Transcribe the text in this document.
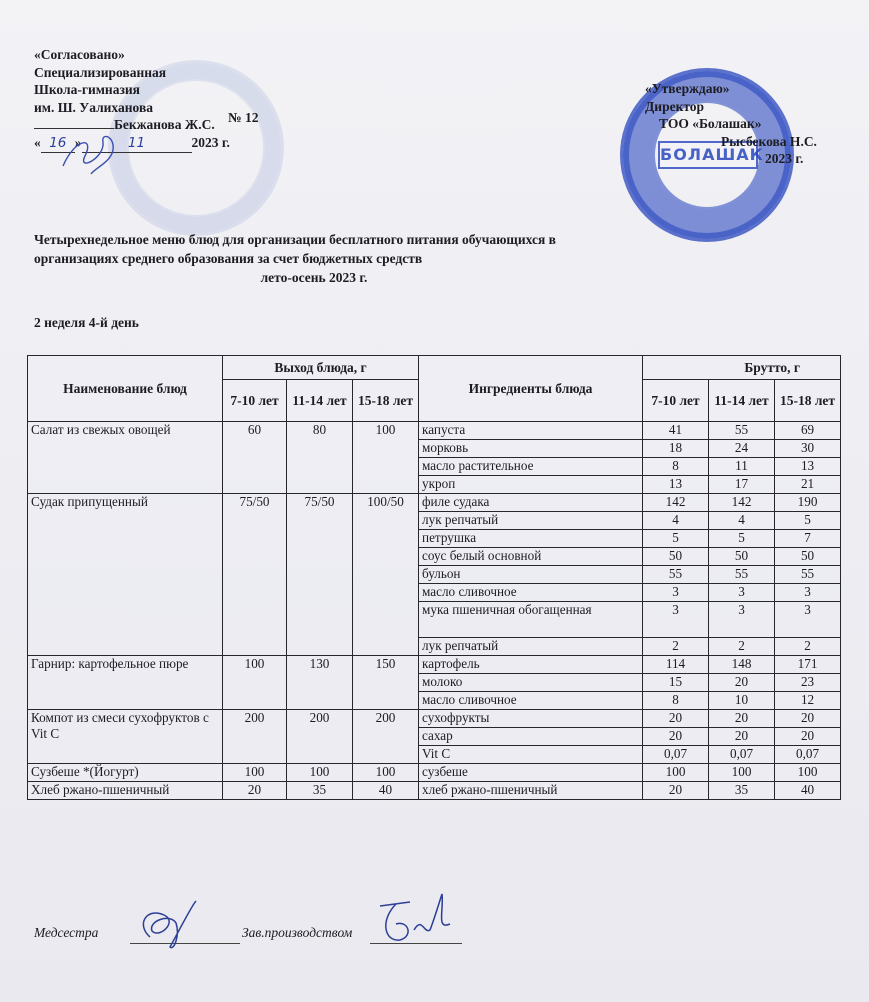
БОЛАШАК
«Согласовано»
Специализированная
Школа-гимназия
им. Ш. Уалиханова
Бекжанова Ж.С.
« 16 »	11	2023 г.
№ 12
«Утверждаю»
Директор
ТОО «Болашак»
Рысбекова Н.С.
2023 г.
Четырехнедельное меню блюд для организации бесплатного питания обучающихся в
организациях среднего образования за счет бюджетных средств
лето-осень 2023 г.
2 неделя 4-й день
Наименование блюд	Выход блюда, г			Ингредиенты блюда	Брутто, г		
	7-10 лет	11-14 лет	15-18 лет		7-10 лет	11-14 лет	15-18 лет
Салат из свежых овощей	60	80	100	капуста	41	55	69
				морковь	18	24	30
				масло растительное	8	11	13
				укроп	13	17	21
Судак припущенный	75/50	75/50	100/50	филе судака	142	142	190
				лук репчатый	4	4	5
				петрушка	5	5	7
				соус белый основной	50	50	50
				бульон	55	55	55
				масло сливочное	3	3	3
				мука пшеничная обогащенная	3	3	3
				лук репчатый	2	2	2
Гарнир: картофельное пюре	100	130	150	картофель	114	148	171
				молоко	15	20	23
				масло сливочное	8	10	12
Компот из смеси сухофруктов с Vit C	200	200	200	сухофрукты	20	20	20
				сахар	20	20	20
				Vit C	0,07	0,07	0,07
Сузбеше *(Йогурт)	100	100	100	сузбеше	100	100	100
Хлеб ржано-пшеничный	20	35	40	хлеб ржано-пшеничный	20	35	40
Медсестра	Зав.производством
